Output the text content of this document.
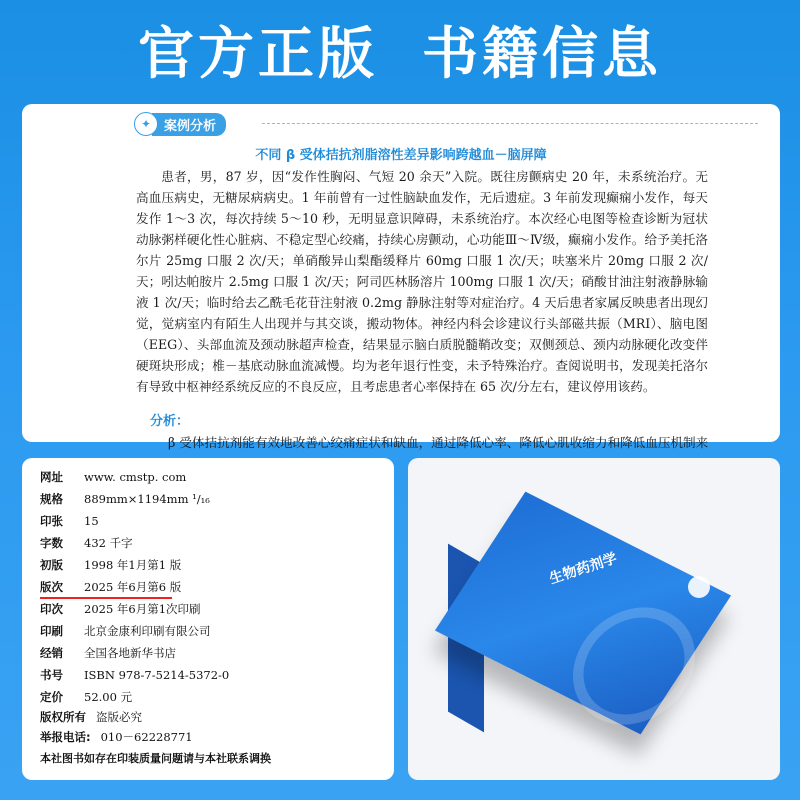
官方正版 书籍信息
✦ 案例分析
不同 β 受体拮抗剂脂溶性差异影响跨越血－脑屏障
患者，男，87 岁，因“发作性胸闷、气短 20 余天”入院。既往房颤病史 20 年，未系统治疗。无高血压病史，无糖尿病病史。1 年前曾有一过性脑缺血发作，无后遗症。3 年前发现癫痫小发作，每天发作 1～3 次，每次持续 5～10 秒，无明显意识障碍，未系统治疗。本次经心电图等检查诊断为冠状动脉粥样硬化性心脏病、不稳定型心绞痛，持续心房颤动，心功能Ⅲ～Ⅳ级，癫痫小发作。给予美托洛尔片 25mg 口服 2 次/天；单硝酸异山梨酯缓释片 60mg 口服 1 次/天；呋塞米片 20mg 口服 2 次/天；吲达帕胺片 2.5mg 口服 1 次/天；阿司匹林肠溶片 100mg 口服 1 次/天；硝酸甘油注射液静脉输液 1 次/天；临时给去乙酰毛花苷注射液 0.2mg 静脉注射等对症治疗。4 天后患者家属反映患者出现幻觉，觉病室内有陌生人出现并与其交谈，搬动物体。神经内科会诊建议行头部磁共振（MRI）、脑电图（EEG）、头部血流及颈动脉超声检查，结果显示脑白质脱髓鞘改变；双侧颈总、颈内动脉硬化改变伴硬斑块形成；椎－基底动脉血流减慢。均为老年退行性变，未予特殊治疗。查阅说明书，发现美托洛尔有导致中枢神经系统反应的不良反应，且考虑患者心率保持在 65 次/分左右，建议停用该药。
分析：
β 受体拮抗剂能有效地改善心绞痛症状和缺血，通过降低心率、降低心肌收缩力和降低血压机制来
网址	www. cmstp. com
规格	889mm×1194mm ¹/₁₆
印张	15
字数	432 千字
初版	1998 年1月第1 版
版次	2025 年6月第6 版
印次	2025 年6月第1次印刷
印刷	北京金康利印刷有限公司
经销	全国各地新华书店
书号	ISBN 978-7-5214-5372-0
定价	52.00 元
版权所有 盗版必究
举报电话: 010－62228771
本社图书如存在印装质量问题请与本社联系调换
生物药剂学
